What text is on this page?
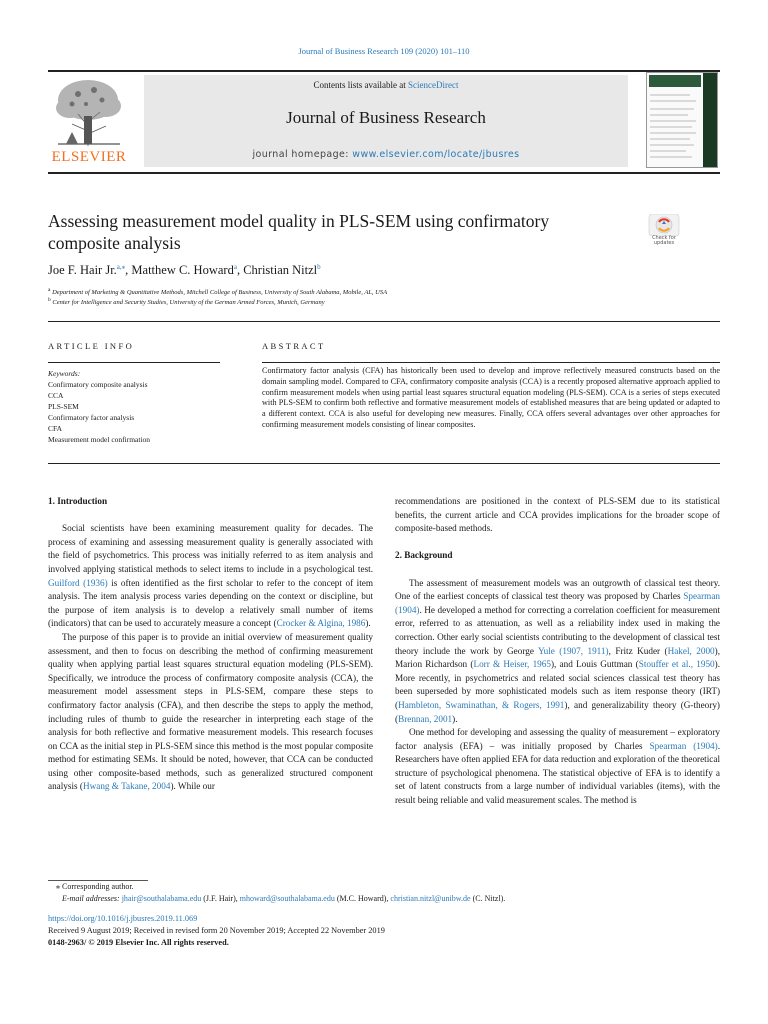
Journal of Business Research 109 (2020) 101–110
ELSEVIER
Contents lists available at ScienceDirect
Journal of Business Research
journal homepage: www.elsevier.com/locate/jbusres
Assessing measurement model quality in PLS-SEM using confirmatory composite analysis	Check for updates
Joe F. Hair Jr.$^{a,⁎}$, Matthew C. Howard$^a$, Christian Nitzl$^b$
$^a$ Department of Marketing & Quantitative Methods, Mitchell College of Business, University of South Alabama, Mobile, AL, USA
$^b$ Center for Intelligence and Security Studies, University of the German Armed Forces, Munich, Germany
ARTICLE INFO	ABSTRACT
Keywords:
Confirmatory composite analysis
CCA
PLS-SEM
Confirmatory factor analysis
CFA
Measurement model confirmation

Confirmatory factor analysis (CFA) has historically been used to develop and improve reflectively measured constructs based on the domain sampling model. Compared to CFA, confirmatory composite analysis (CCA) is a recently proposed alternative approach applied to confirm measurement models when using partial least squares structural equation modeling (PLS-SEM). CCA is a series of steps executed with PLS-SEM to confirm both reflective and formative measurement models of established measures that are being updated or adapted to a different context. CCA is also useful for developing new measures. Finally, CCA offers several advantages over other approaches for confirming measurement models consisting of linear composites.

1. Introduction

Social scientists have been examining measurement quality for decades. The process of examining and assessing measurement quality is generally associated with the field of psychometrics. This process was initially referred to as item analysis and involved applying statistical methods to select items to include in a psychological test. Guilford (1936) is often identified as the first scholar to refer to the concept of item analysis. The item analysis process varies depending on the context or discipline, but the purpose of item analysis is to develop a relatively small number of items (indicators) that can be used to accurately measure a concept (Crocker & Algina, 1986).

The purpose of this paper is to provide an initial overview of measurement quality assessment, and then to focus on describing the method of confirming measurement quality when applying partial least squares structural equation modeling (PLS-SEM). Specifically, we introduce the process of confirmatory composite analysis (CCA), the measurement model assessment steps in PLS-SEM, compare these steps to confirmatory factor analysis (CFA), and then describe the steps to apply the method, including rules of thumb to guide the researcher in interpreting each stage of the analysis for both reflective and formative measurement models. This research focuses on CCA as the initial step in PLS-SEM since this method is the most popular composite method for estimating SEMs. It should be noted, however, that CCA can be conducted using other composite-based methods, such as generalized structured component analysis (Hwang & Takane, 2004). While our

recommendations are positioned in the context of PLS-SEM due to its statistical benefits, the current article and CCA provides implications for the broader scope of composite-based methods.

2. Background

The assessment of measurement models was an outgrowth of classical test theory. One of the earliest concepts of classical test theory was proposed by Charles Spearman (1904). He developed a method for correcting a correlation coefficient for measurement error, referred to as attenuation, as well as a reliability index used in making the correction. Other early social scientists contributing to the development of classical test theory include the work by George Yule (1907, 1911), Fritz Kuder (Hakel, 2000), Marion Richardson (Lorr & Heiser, 1965), and Louis Guttman (Stouffer et al., 1950). More recently, in psychometrics and related social sciences classical test theory has been superseded by more sophisticated models such as item response theory (IRT) (Hambleton, Swaminathan, & Rogers, 1991), and generalizability theory (G-theory) (Brennan, 2001).

One method for developing and assessing the quality of measurement – exploratory factor analysis (EFA) – was initially proposed by Charles Spearman (1904). Researchers have often applied EFA for data reduction and exploration of the theoretical structure of psychological phenomena. The statistical objective of EFA is to identify a set of latent constructs from a large number of individual variables (items), with the result being reliable and valid measurement scales. The method is

⁎ Corresponding author.
E-mail addresses: jhair@southalabama.edu (J.F. Hair), mhoward@southalabama.edu (M.C. Howard), christian.nitzl@unibw.de (C. Nitzl).
https://doi.org/10.1016/j.jbusres.2019.11.069
Received 9 August 2019; Received in revised form 20 November 2019; Accepted 22 November 2019
0148-2963/ © 2019 Elsevier Inc. All rights reserved.
